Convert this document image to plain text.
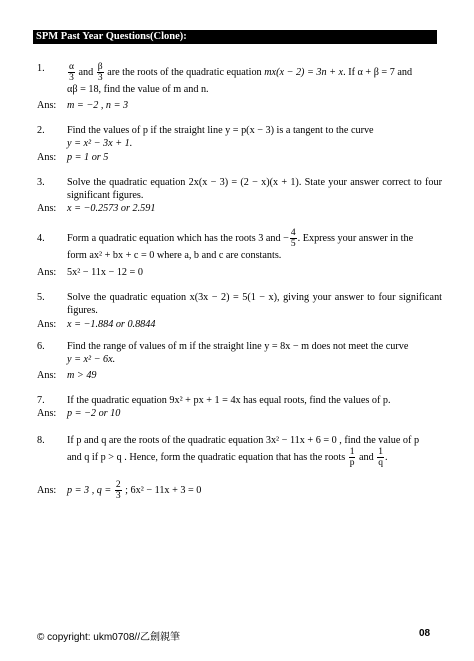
SPM Past Year Questions(Clone):
1.	$\frac{\alpha}{3}$ and $\frac{\beta}{3}$ are the roots of the quadratic equation mx(x − 2) = 3n + x. If α + β = 7 and
αβ = 18, find the value of m and n.
Ans: m = −2 , n = 3
2.	Find the values of p if the straight line y = p(x − 3) is a tangent to the curve
y = x² − 3x + 1.
Ans: p = 1 or 5
3.	Solve the quadratic equation 2x(x − 3) = (2 − x)(x + 1). State your answer correct to four significant figures.
Ans: x = −0.2573 or 2.591
4.	Form a quadratic equation which has the roots 3 and − $\frac{4}{5}$ . Express your answer in the
form ax² + bx + c = 0 where a, b and c are constants.
Ans: 5x² − 11x − 12 = 0
5.	Solve the quadratic equation x(3x − 2) = 5(1 − x), giving your answer to four significant figures.
Ans: x = −1.884 or 0.8844
6.	Find the range of values of m if the straight line y = 8x − m does not meet the curve
y = x² − 6x.
Ans: m > 49
7.	If the quadratic equation 9x² + px + 1 = 4x has equal roots, find the values of p.
Ans: p = −2 or 10
8.	If p and q are the roots of the quadratic equation 3x² − 11x + 6 = 0 , find the value of p
and q if p > q . Hence, form the quadratic equation that has the roots $\frac{1}{p}$ and $\frac{1}{q}$ .
Ans: p = 3 , $q = \frac{2}{3}$ ; 6x² − 11x + 3 = 0
© copyright: ukm0708//乙劍親筆	08
